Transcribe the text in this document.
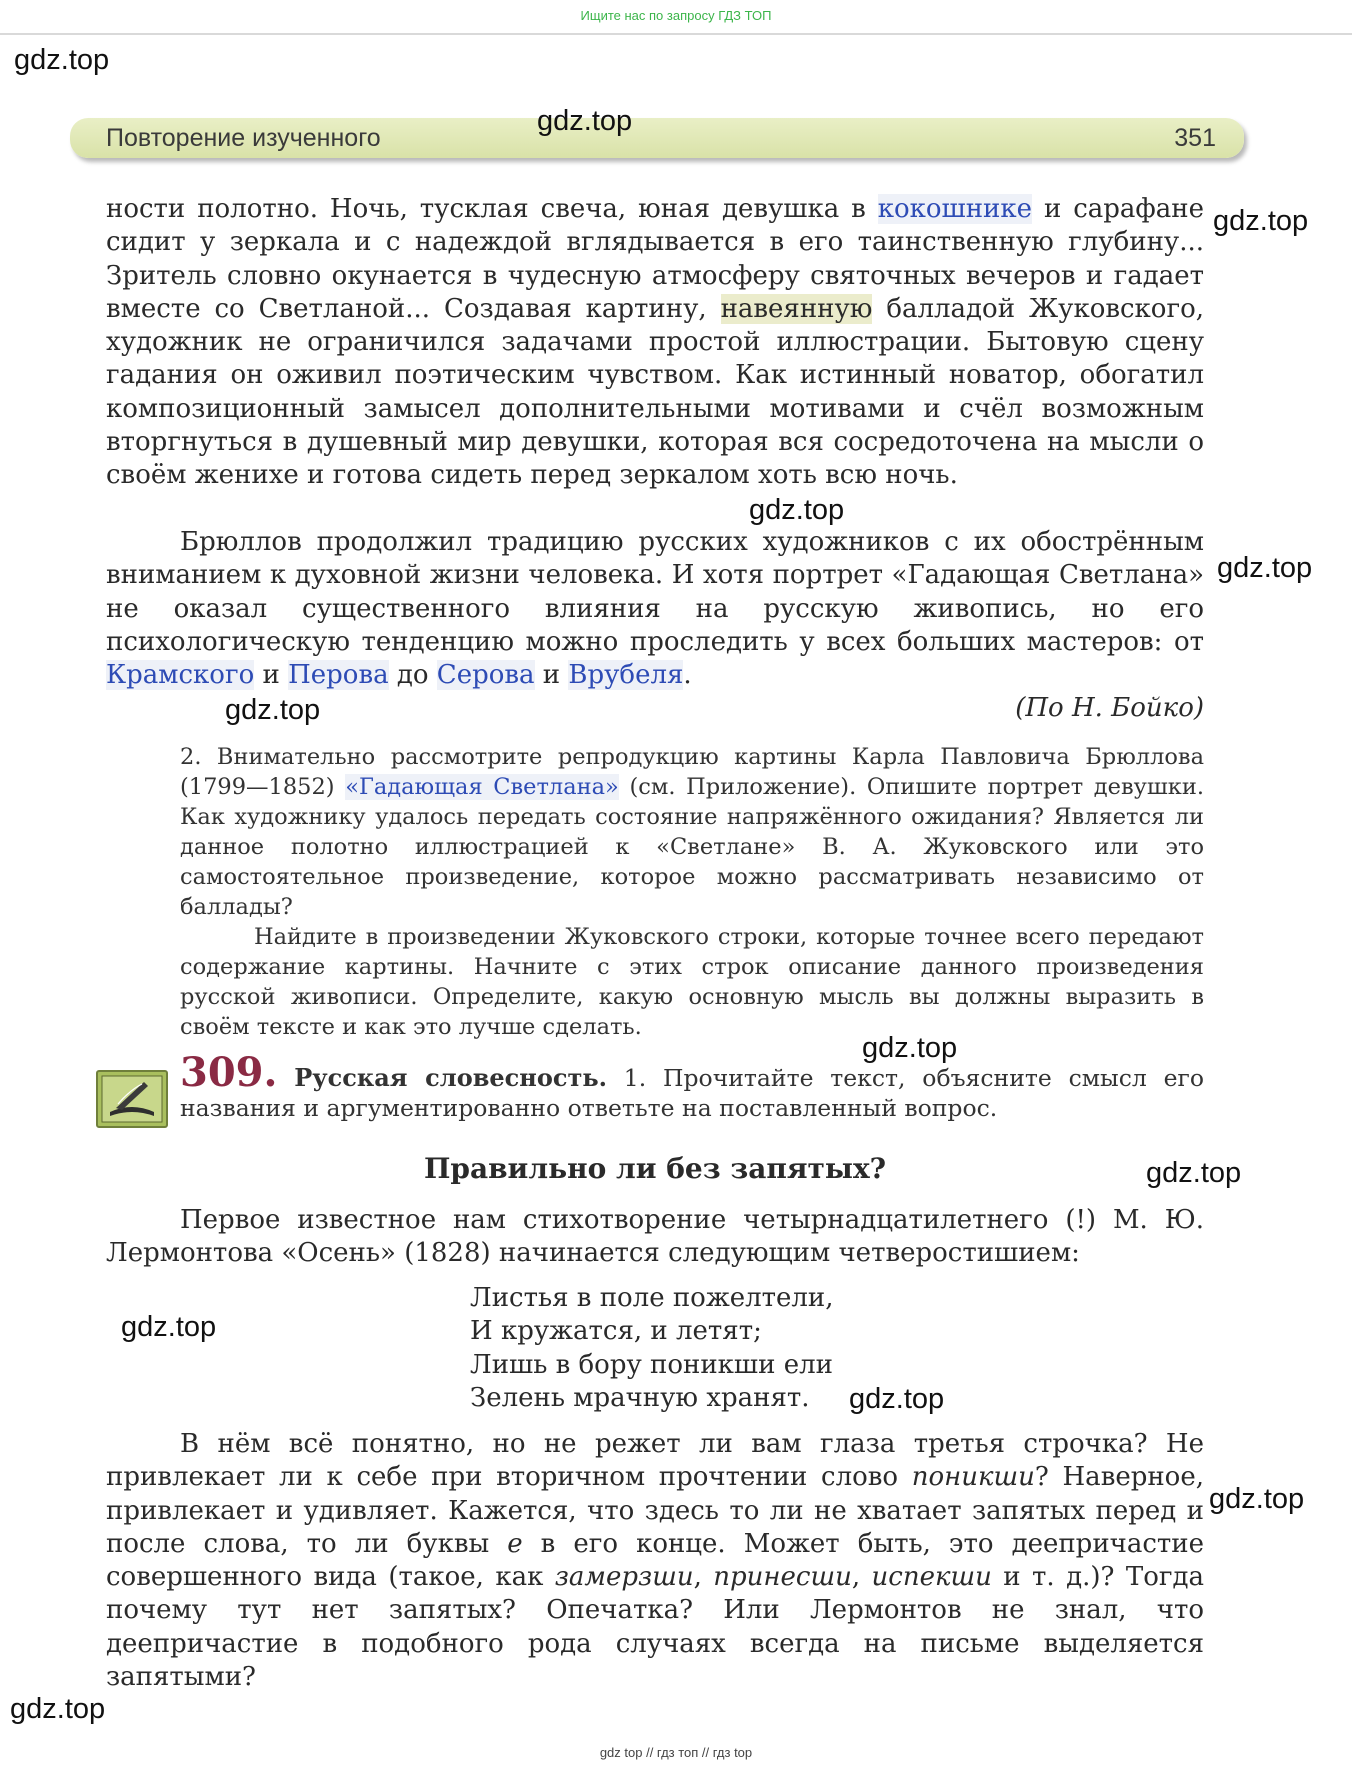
Ищите нас по запросу ГДЗ ТОП
Повторение изученного	351

ности полотно. Ночь, тусклая свеча, юная девушка в кокошнике и сарафане сидит у зеркала и с надеждой вглядывается в его таинственную глубину... Зритель словно окунается в чудесную атмосферу святочных вечеров и гадает вместе со Светланой... Создавая картину, навеянную балладой Жуковского, художник не ограничился задачами простой иллюстрации. Бытовую сцену гадания он оживил поэтическим чувством. Как истинный новатор, обогатил композиционный замысел дополнительными мотивами и счёл возможным вторгнуться в душевный мир девушки, которая вся сосредоточена на мысли о своём женихе и готова сидеть перед зеркалом хоть всю ночь.

Брюллов продолжил традицию русских художников с их обострённым вниманием к духовной жизни человека. И хотя портрет «Гадающая Светлана» не оказал существенного влияния на русскую живопись, но его психологическую тенденцию можно проследить у всех больших мастеров: от Крамского и Перова до Серова и Врубеля.

(По Н. Бойко)

2. Внимательно рассмотрите репродукцию картины Карла Павловича Брюллова (1799—1852) «Гадающая Светлана» (см. Приложение). Опишите портрет девушки. Как художнику удалось передать состояние напряжённого ожидания? Является ли данное полотно иллюстрацией к «Светлане» В. А. Жуковского или это самостоятельное произведение, которое можно рассматривать независимо от баллады?

Найдите в произведении Жуковского строки, которые точнее всего передают содержание картины. Начните с этих строк описание данного произведения русской живописи. Определите, какую основную мысль вы должны выразить в своём тексте и как это лучше сделать.

309. Русская словесность. 1. Прочитайте текст, объясните смысл его названия и аргументированно ответьте на поставленный вопрос.
Правильно ли без запятых?

Первое известное нам стихотворение четырнадцатилетнего (!) М. Ю. Лермонтова «Осень» (1828) начинается следующим четверостишием:

Листья в поле пожелтели,
И кружатся, и летят;
Лишь в бору поникши ели
Зелень мрачную хранят.

В нём всё понятно, но не режет ли вам глаза третья строчка? Не привлекает ли к себе при вторичном прочтении слово поникши? Наверное, привлекает и удивляет. Кажется, что здесь то ли не хватает запятых перед и после слова, то ли буквы е в его конце. Может быть, это деепричастие совершенного вида (такое, как замерзши, принесши, испекши и т. д.)? Тогда почему тут нет запятых? Опечатка? Или Лермонтов не знал, что деепричастие в подобного рода случаях всегда на письме выделяется запятыми?

gdz.top
gdz.top
gdz.top
gdz.top
gdz.top
gdz.top
gdz.top
gdz.top
gdz.top
gdz.top
gdz.top
gdz.top
gdz top // гдз топ // гдз top
